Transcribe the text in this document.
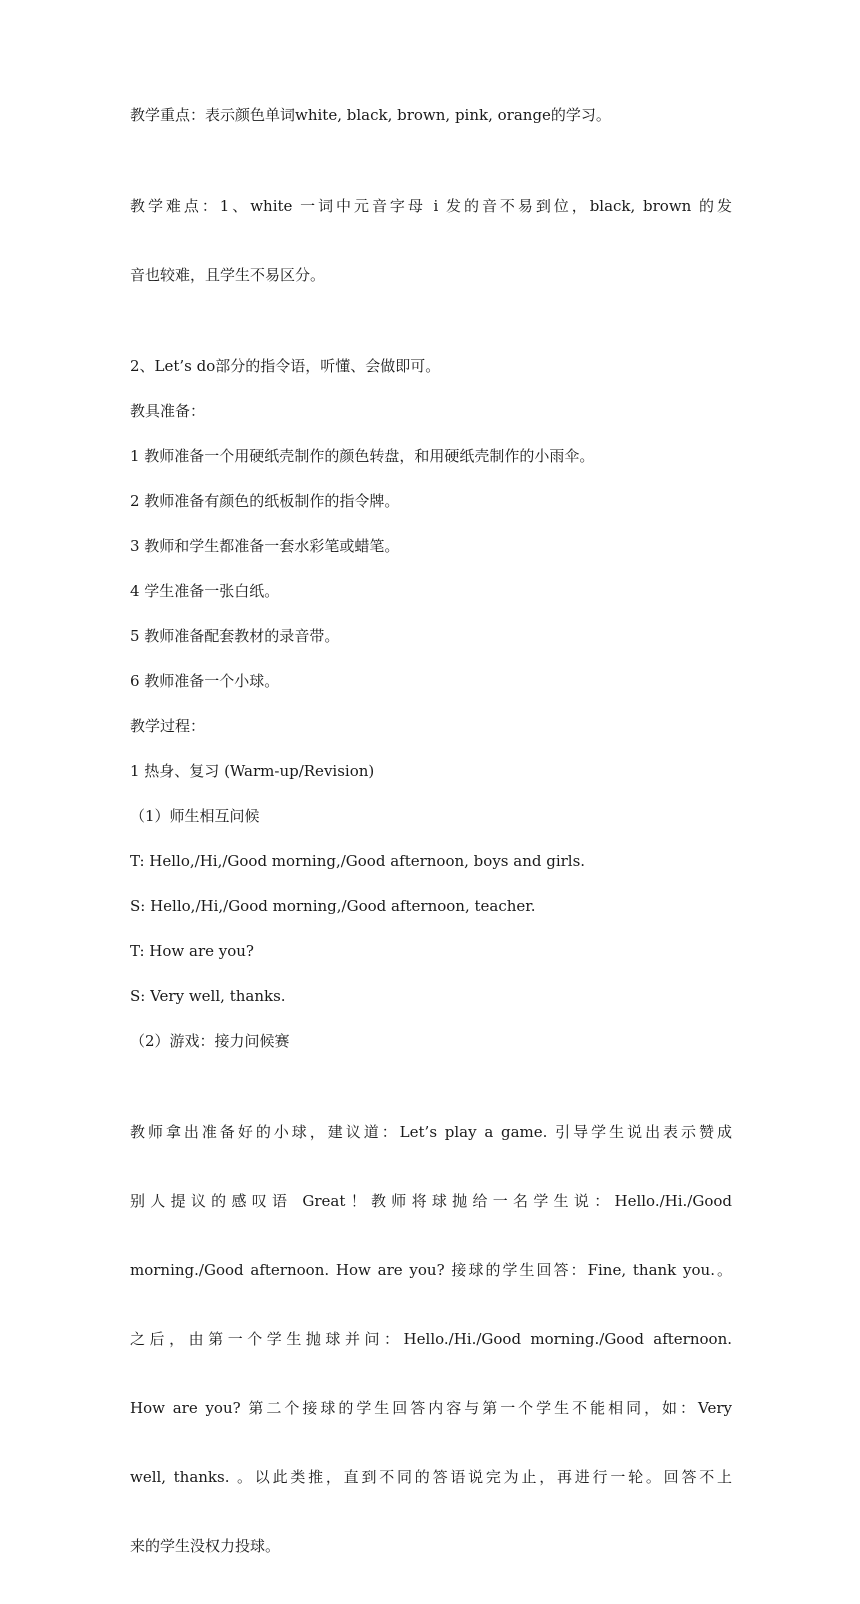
教学重点：表示颜色单词white, black, brown, pink, orange的学习。

教学难点：1、white 一词中元音字母 i 发的音不易到位，black, brown 的发

音也较难，且学生不易区分。

2、Let’s do部分的指令语，听懂、会做即可。

教具准备：

1 教师准备一个用硬纸壳制作的颜色转盘，和用硬纸壳制作的小雨伞。

2 教师准备有颜色的纸板制作的指令牌。

3 教师和学生都准备一套水彩笔或蜡笔。

4 学生准备一张白纸。

5 教师准备配套教材的录音带。

6 教师准备一个小球。

教学过程：

1 热身、复习 (Warm-up/Revision)

（1）师生相互问候

T: Hello,/Hi,/Good morning,/Good afternoon, boys and girls.

S: Hello,/Hi,/Good morning,/Good afternoon, teacher.

T: How are you?

S: Very well, thanks.

（2）游戏：接力问候赛

教师拿出准备好的小球，建议道：Let’s play a game. 引导学生说出表示赞成

别人提议的感叹语 Great！教师将球抛给一名学生说：Hello./Hi./Good

morning./Good afternoon. How are you? 接球的学生回答：Fine, thank you.。

之后，由第一个学生抛球并问：Hello./Hi./Good morning./Good afternoon.

How are you? 第二个接球的学生回答内容与第一个学生不能相同，如：Very

well, thanks. 。以此类推，直到不同的答语说完为止，再进行一轮。回答不上

来的学生没权力投球。
